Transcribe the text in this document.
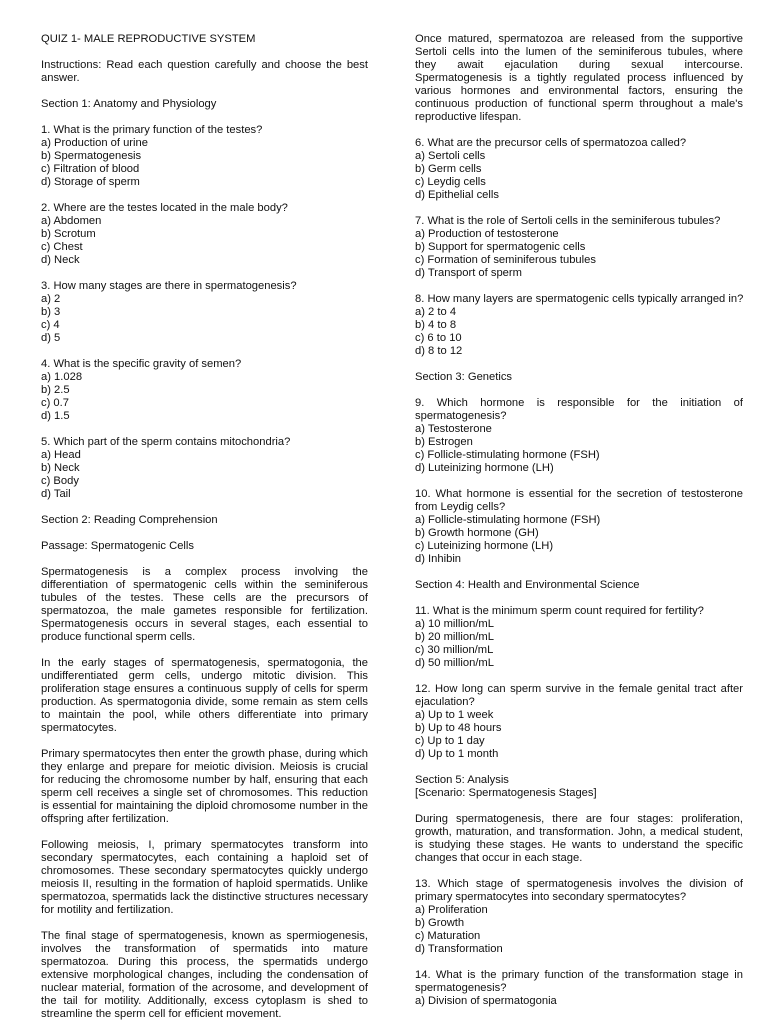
QUIZ 1- MALE REPRODUCTIVE SYSTEM
Instructions: Read each question carefully and choose the best answer.
Section 1: Anatomy and Physiology
1. What is the primary function of the testes?
a) Production of urine
b) Spermatogenesis
c) Filtration of blood
d) Storage of sperm
2. Where are the testes located in the male body?
a) Abdomen
b) Scrotum
c) Chest
d) Neck
3. How many stages are there in spermatogenesis?
a) 2
b) 3
c) 4
d) 5
4. What is the specific gravity of semen?
a) 1.028
b) 2.5
c) 0.7
d) 1.5
5. Which part of the sperm contains mitochondria?
a) Head
b) Neck
c) Body
d) Tail
Section 2: Reading Comprehension
Passage: Spermatogenic Cells
Spermatogenesis is a complex process involving the differentiation of spermatogenic cells within the seminiferous tubules of the testes. These cells are the precursors of spermatozoa, the male gametes responsible for fertilization. Spermatogenesis occurs in several stages, each essential to produce functional sperm cells.
In the early stages of spermatogenesis, spermatogonia, the undifferentiated germ cells, undergo mitotic division. This proliferation stage ensures a continuous supply of cells for sperm production. As spermatogonia divide, some remain as stem cells to maintain the pool, while others differentiate into primary spermatocytes.
Primary spermatocytes then enter the growth phase, during which they enlarge and prepare for meiotic division. Meiosis is crucial for reducing the chromosome number by half, ensuring that each sperm cell receives a single set of chromosomes. This reduction is essential for maintaining the diploid chromosome number in the offspring after fertilization.
Following meiosis, I, primary spermatocytes transform into secondary spermatocytes, each containing a haploid set of chromosomes. These secondary spermatocytes quickly undergo meiosis II, resulting in the formation of haploid spermatids. Unlike spermatozoa, spermatids lack the distinctive structures necessary for motility and fertilization.
The final stage of spermatogenesis, known as spermiogenesis, involves the transformation of spermatids into mature spermatozoa. During this process, the spermatids undergo extensive morphological changes, including the condensation of nuclear material, formation of the acrosome, and development of the tail for motility. Additionally, excess cytoplasm is shed to streamline the sperm cell for efficient movement.
Once matured, spermatozoa are released from the supportive Sertoli cells into the lumen of the seminiferous tubules, where they await ejaculation during sexual intercourse. Spermatogenesis is a tightly regulated process influenced by various hormones and environmental factors, ensuring the continuous production of functional sperm throughout a male's reproductive lifespan.
6. What are the precursor cells of spermatozoa called?
a) Sertoli cells
b) Germ cells
c) Leydig cells
d) Epithelial cells
7. What is the role of Sertoli cells in the seminiferous tubules?
a) Production of testosterone
b) Support for spermatogenic cells
c) Formation of seminiferous tubules
d) Transport of sperm
8. How many layers are spermatogenic cells typically arranged in?
a) 2 to 4
b) 4 to 8
c) 6 to 10
d) 8 to 12
Section 3: Genetics
9. Which hormone is responsible for the initiation of spermatogenesis?
a) Testosterone
b) Estrogen
c) Follicle-stimulating hormone (FSH)
d) Luteinizing hormone (LH)
10. What hormone is essential for the secretion of testosterone from Leydig cells?
a) Follicle-stimulating hormone (FSH)
b) Growth hormone (GH)
c) Luteinizing hormone (LH)
d) Inhibin
Section 4: Health and Environmental Science
11. What is the minimum sperm count required for fertility?
a) 10 million/mL
b) 20 million/mL
c) 30 million/mL
d) 50 million/mL
12. How long can sperm survive in the female genital tract after ejaculation?
a) Up to 1 week
b) Up to 48 hours
c) Up to 1 day
d) Up to 1 month
Section 5: Analysis
[Scenario: Spermatogenesis Stages]
During spermatogenesis, there are four stages: proliferation, growth, maturation, and transformation. John, a medical student, is studying these stages. He wants to understand the specific changes that occur in each stage.
13. Which stage of spermatogenesis involves the division of primary spermatocytes into secondary spermatocytes?
a) Proliferation
b) Growth
c) Maturation
d) Transformation
14. What is the primary function of the transformation stage in spermatogenesis?
a) Division of spermatogonia
